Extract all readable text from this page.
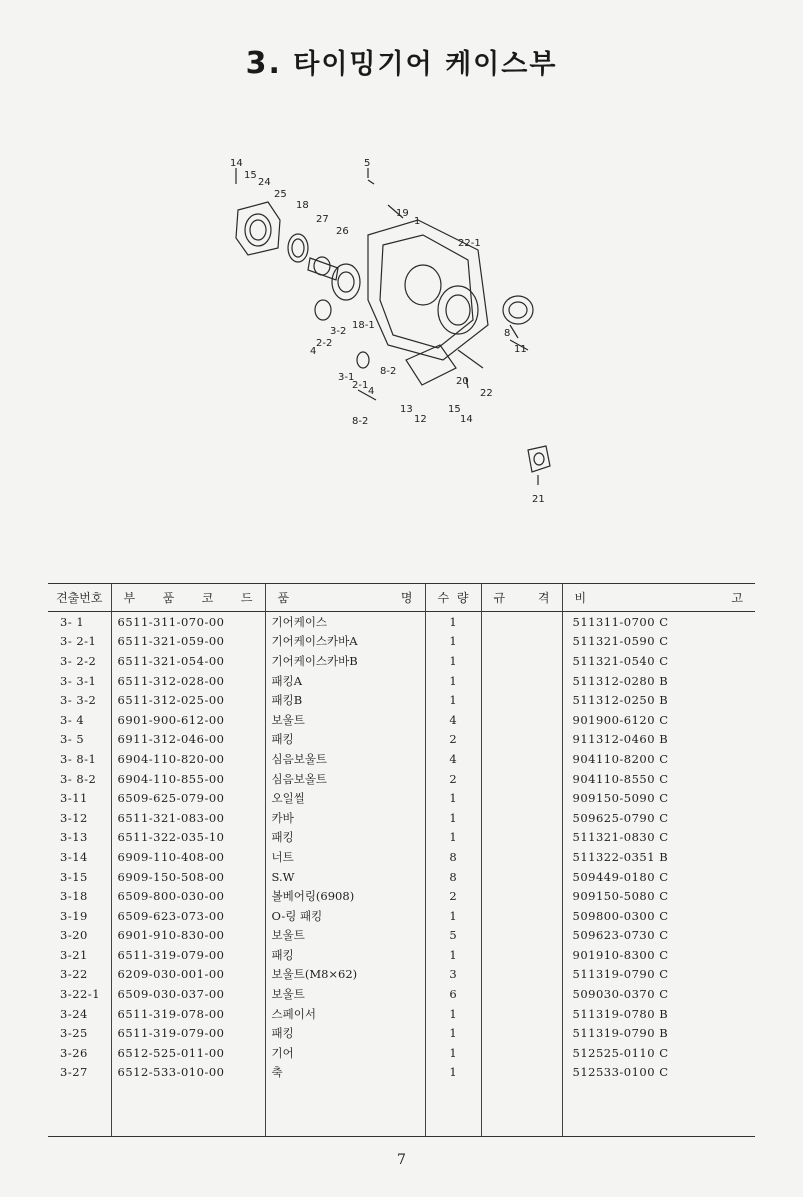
3. 타이밍기어 케이스부
14
15
24
25
18
27
26
5
19
1
22-1
3-2
18-1
2-2
4
8
11
3-1
2-1
4
8-2
20
22
13
12
15
14
8-2
21
견출번호	부 품 코 드	품 명	수 량	규 격	비 고

3- 1	6511-311-070-00	기어케이스	1		511311-0700 C
3- 2-1	6511-321-059-00	기어케이스카바A	1		511321-0590 C
3- 2-2	6511-321-054-00	기어케이스카바B	1		511321-0540 C
3- 3-1	6511-312-028-00	패킹A	1		511312-0280 B
3- 3-2	6511-312-025-00	패킹B	1		511312-0250 B
3- 4	6901-900-612-00	보울트	4		901900-6120 C
3- 5	6911-312-046-00	패킹	2		911312-0460 B
3- 8-1	6904-110-820-00	심음보울트	4		904110-8200 C
3- 8-2	6904-110-855-00	심음보올트	2		904110-8550 C
3-11	6509-625-079-00	오일씰	1		909150-5090 C
3-12	6511-321-083-00	카바	1		509625-0790 C
3-13	6511-322-035-10	패킹	1		511321-0830 C
3-14	6909-110-408-00	너트	8		511322-0351 B
3-15	6909-150-508-00	S.W	8		509449-0180 C
3-18	6509-800-030-00	볼베어링(6908)	2		909150-5080 C
3-19	6509-623-073-00	O-링 패킹	1		509800-0300 C
3-20	6901-910-830-00	보울트	5		509623-0730 C
3-21	6511-319-079-00	패킹	1		901910-8300 C
3-22	6209-030-001-00	보울트(M8×62)	3		511319-0790 C
3-22-1	6509-030-037-00	보울트	6		509030-0370 C
3-24	6511-319-078-00	스페이서	1		511319-0780 B
3-25	6511-319-079-00	패킹	1		511319-0790 B
3-26	6512-525-011-00	기어	1		512525-0110 C
3-27	6512-533-010-00	축	1		512533-0100 C

7
